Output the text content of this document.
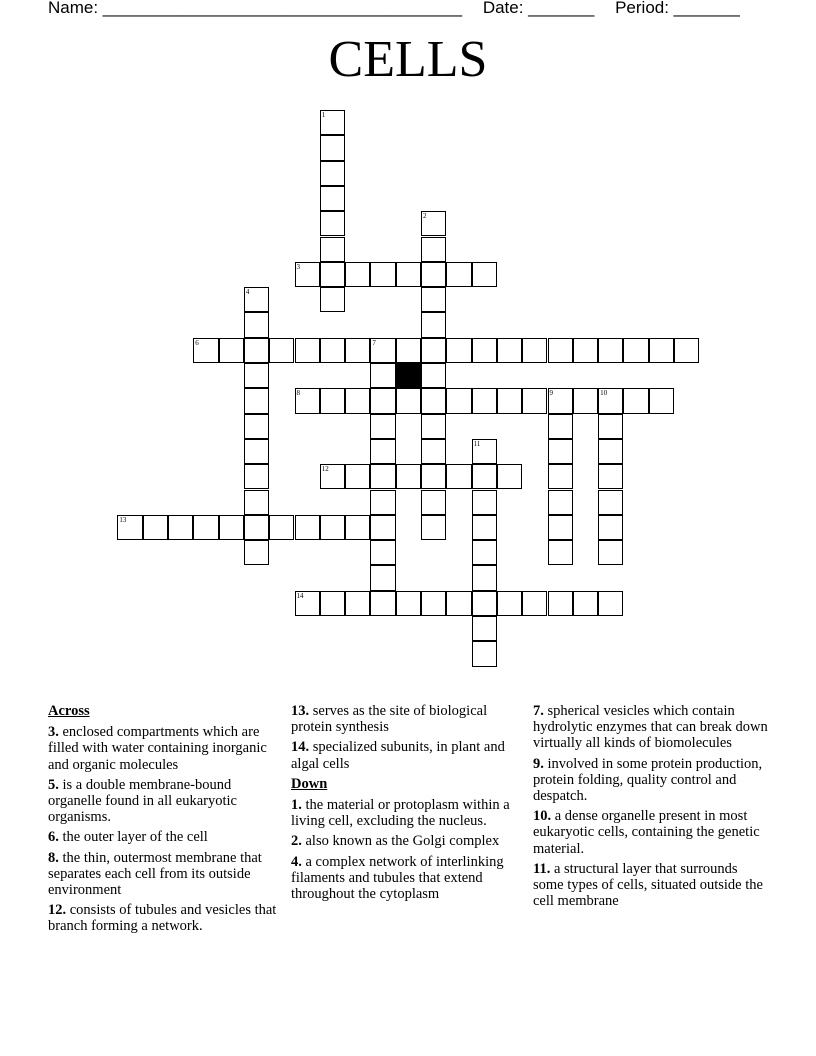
Name: ______________________________________ Date: _______ Period: _______
CELLS
1
2
3
4
6	7
8	9	10
11
12
13
14
Across
3. enclosed compartments which are filled with water containing inorganic and organic molecules
5. is a double membrane-bound organelle found in all eukaryotic organisms.
6. the outer layer of the cell
8. the thin, outermost membrane that separates each cell from its outside environment
12. consists of tubules and vesicles that branch forming a network.
13. serves as the site of biological protein synthesis
14. specialized subunits, in plant and algal cells
Down
1. the material or protoplasm within a living cell, excluding the nucleus.
2. also known as the Golgi complex
4. a complex network of interlinking filaments and tubules that extend throughout the cytoplasm
7. spherical vesicles which contain hydrolytic enzymes that can break down virtually all kinds of biomolecules
9. involved in some protein production, protein folding, quality control and despatch.
10. a dense organelle present in most eukaryotic cells, containing the genetic material.
11. a structural layer that surrounds some types of cells, situated outside the cell membrane
